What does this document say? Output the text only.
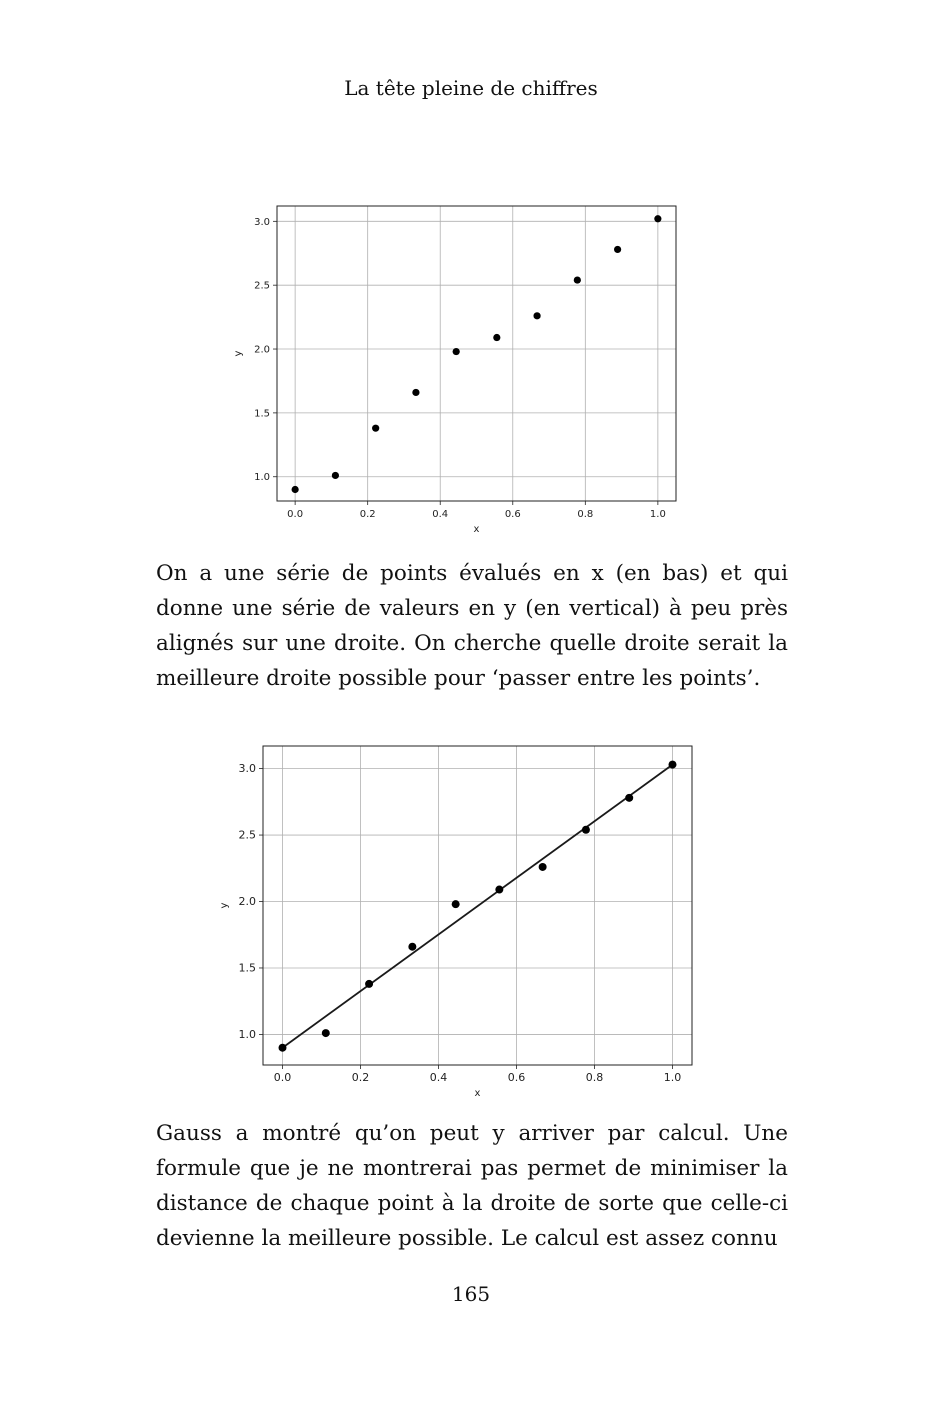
La tête pleine de chiffres
0.0	0.2	0.4	0.6	0.8	1.0
1.0
1.5
2.0
2.5
3.0
x
y

On a une série de points évalués en x (en bas) et qui donne une série de valeurs en y (en vertical) à peu près alignés sur une droite. On cherche quelle droite serait la meilleure droite possible pour ‘passer entre les points’.

0.0	0.2	0.4	0.6	0.8	1.0
1.0
1.5
2.0
2.5
3.0
x
y

Gauss a montré qu’on peut y arriver par calcul. Une formule que je ne montrerai pas permet de minimiser la distance de chaque point à la droite de sorte que celle-ci devienne la meilleure possible. Le calcul est assez connu

165
